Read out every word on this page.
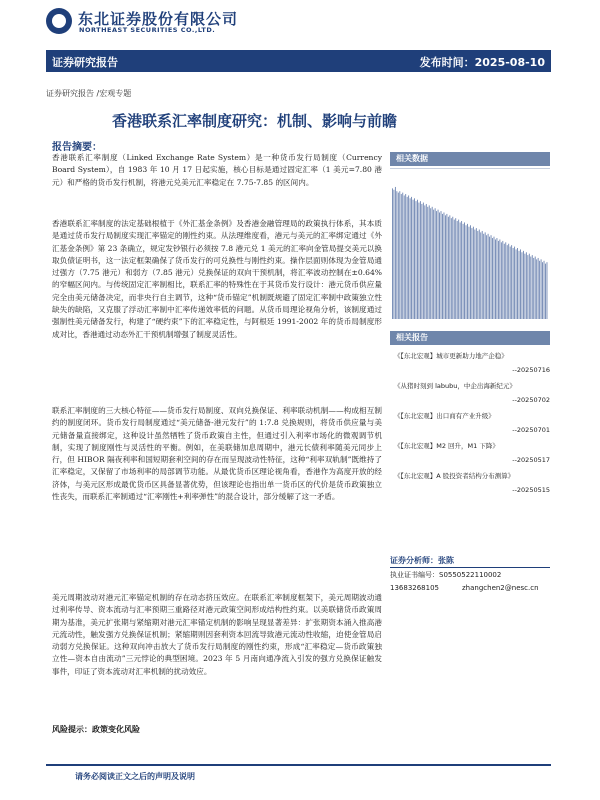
东北证券股份有限公司
NORTHEAST SECURITIES CO.,LTD.
证券研究报告	发布时间：2025-08-10
证券研究报告 /宏观专题
香港联系汇率制度研究：机制、影响与前瞻
报告摘要：
香港联系汇率制度（Linked Exchange Rate System）是一种货币发行局制度（Currency Board System），自 1983 年 10 月 17 日起实施，核心目标是通过固定汇率（1 美元=7.80 港元）和严格的货币发行机制，将港元兑美元汇率稳定在 7.75-7.85 的区间内。
香港联系汇率制度的法定基础根植于《外汇基金条例》及香港金融管理局的政策执行体系，其本质是通过货币发行局制度实现汇率锚定的刚性约束。从法理维度看，港元与美元的汇率绑定通过《外汇基金条例》第 23 条确立，规定发钞银行必须按 7.8 港元兑 1 美元的汇率向金管局提交美元以换取负债证明书，这一法定框架确保了货币发行的可兑换性与刚性约束。操作层面则体现为金管局通过强方（7.75 港元）和弱方（7.85 港元）兑换保证的双向干预机制，将汇率波动控制在±0.64%的窄幅区间内。与传统固定汇率制相比，联系汇率的特殊性在于其货币发行设计：港元货币供应量完全由美元储备决定，而非央行自主调节，这种“货币锚定”机制既规避了固定汇率制中政策独立性缺失的缺陷，又克服了浮动汇率制中汇率传递效率低的问题。从货币局理论视角分析，该制度通过强制性美元储备发行，构建了“硬约束”下的汇率稳定性，与阿根廷 1991-2002 年的货币局制度形成对比，香港通过动态外汇干预机制增强了制度灵活性。
联系汇率制度的三大核心特征——货币发行局制度、双向兑换保证、利率联动机制——构成相互制约的制度闭环。货币发行局制度通过“美元储备-港元发行”的 1:7.8 兑换规则，将货币供应量与美元储备量直接绑定，这种设计虽然牺牲了货币政策自主性，但通过引入利率市场化的微观调节机制，实现了制度刚性与灵活性的平衡。例如，在美联储加息周期中，港元长债利率随美元同步上行，但 HIBOR 隔夜利率和国短期套利空间的存在而呈现波动性特征，这种“利率双轨制”既维持了汇率稳定，又保留了市场利率的局部调节功能。从最优货币区理论视角看，香港作为高度开放的经济体，与美元区形成最优货币区具备显著优势，但该理论也指出单一货币区的代价是货币政策独立性丧失，而联系汇率制通过“汇率刚性+利率弹性”的混合设计，部分缓解了这一矛盾。
美元周期波动对港元汇率锚定机制的存在动态挤压效应。在联系汇率制度框架下，美元周期波动通过利率传导、资本流动与汇率预期三重路径对港元政策空间形成结构性约束。以美联储货币政策周期为基准，美元扩张期与紧缩期对港元汇率锚定机制的影响呈现显著差异：扩张期资本涌入推高港元流动性，触发强方兑换保证机制；紧缩期则因套利资本回流导致港元流动性收缩，迫使金管局启动弱方兑换保证。这种双向冲击放大了货币发行局制度的刚性约束，形成“汇率稳定—货币政策独立性—资本自由流动”三元悖论的典型困境。2023 年 5 月南向通净流入引发的强方兑换保证触发事件，印证了资本流动对汇率机制的扰动效应。
风险提示：政策变化风险
相关数据
相关报告
《【东北宏观】城市更新助力地产企稳》
--20250716
《从猪时刻到 labubu，中企出海新纪元》
--20250702
《【东北宏观】出口商有产业升级》
--20250701
《【东北宏观】M2 回升，M1 下降》
--20250517
《【东北宏观】A 股投资者结构分布测算》
--20250515
证券分析师：张陈
执业证书编号：S0550522110002
13683268105	zhangchen2@nesc.cn
请务必阅读正文之后的声明及说明
